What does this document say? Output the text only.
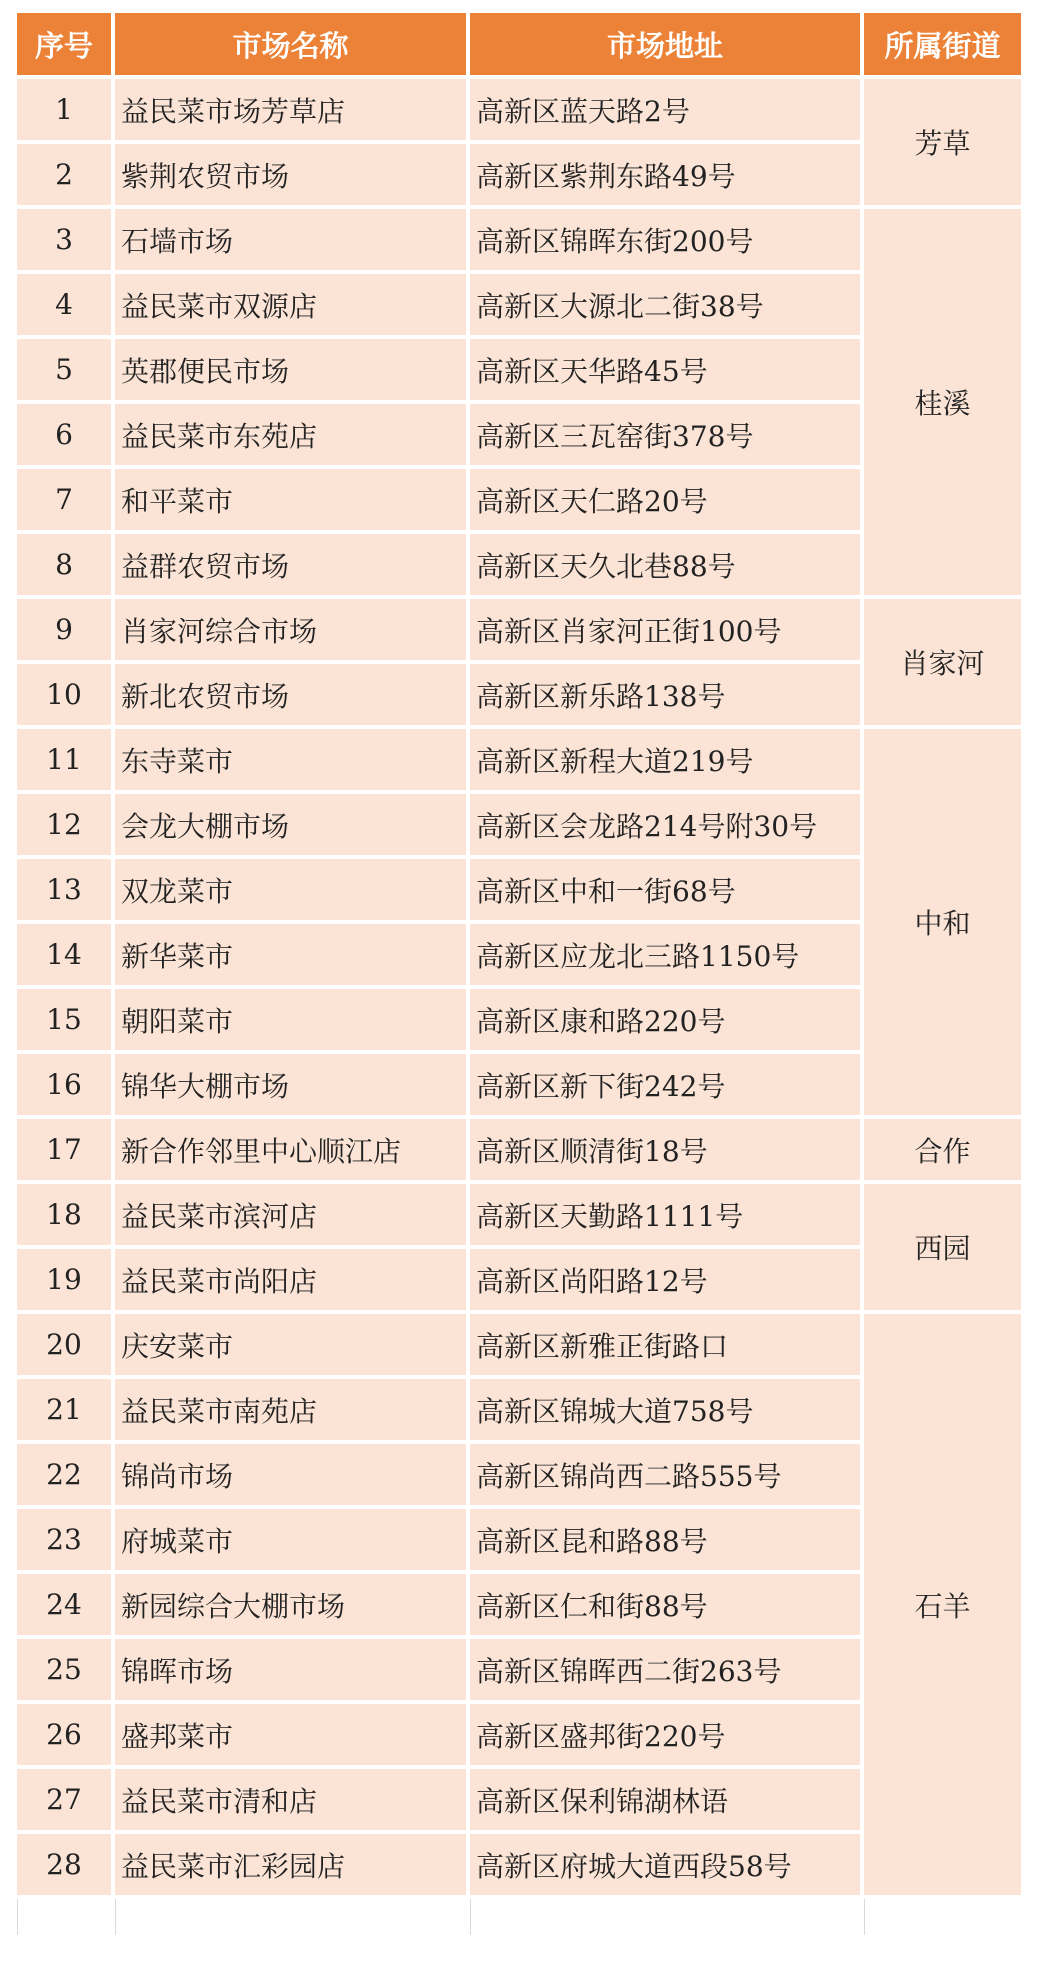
序号	市场名称	市场地址	所属街道
1	益民菜市场芳草店	高新区蓝天路2号	芳草
2	紫荆农贸市场	高新区紫荆东路49号	
3	石墙市场	高新区锦晖东街200号	桂溪
4	益民菜市双源店	高新区大源北二街38号	
5	英郡便民市场	高新区天华路45号	
6	益民菜市东苑店	高新区三瓦窑街378号	
7	和平菜市	高新区天仁路20号	
8	益群农贸市场	高新区天久北巷88号	
9	肖家河综合市场	高新区肖家河正街100号	肖家河
10	新北农贸市场	高新区新乐路138号	
11	东寺菜市	高新区新程大道219号	中和
12	会龙大棚市场	高新区会龙路214号附30号	
13	双龙菜市	高新区中和一街68号	
14	新华菜市	高新区应龙北三路1150号	
15	朝阳菜市	高新区康和路220号	
16	锦华大棚市场	高新区新下街242号	
17	新合作邻里中心顺江店	高新区顺清街18号	合作
18	益民菜市滨河店	高新区天勤路1111号	西园
19	益民菜市尚阳店	高新区尚阳路12号	
20	庆安菜市	高新区新雅正街路口	石羊
21	益民菜市南苑店	高新区锦城大道758号	
22	锦尚市场	高新区锦尚西二路555号	
23	府城菜市	高新区昆和路88号	
24	新园综合大棚市场	高新区仁和街88号	
25	锦晖市场	高新区锦晖西二街263号	
26	盛邦菜市	高新区盛邦街220号	
27	益民菜市清和店	高新区保利锦湖林语	
28	益民菜市汇彩园店	高新区府城大道西段58号	
